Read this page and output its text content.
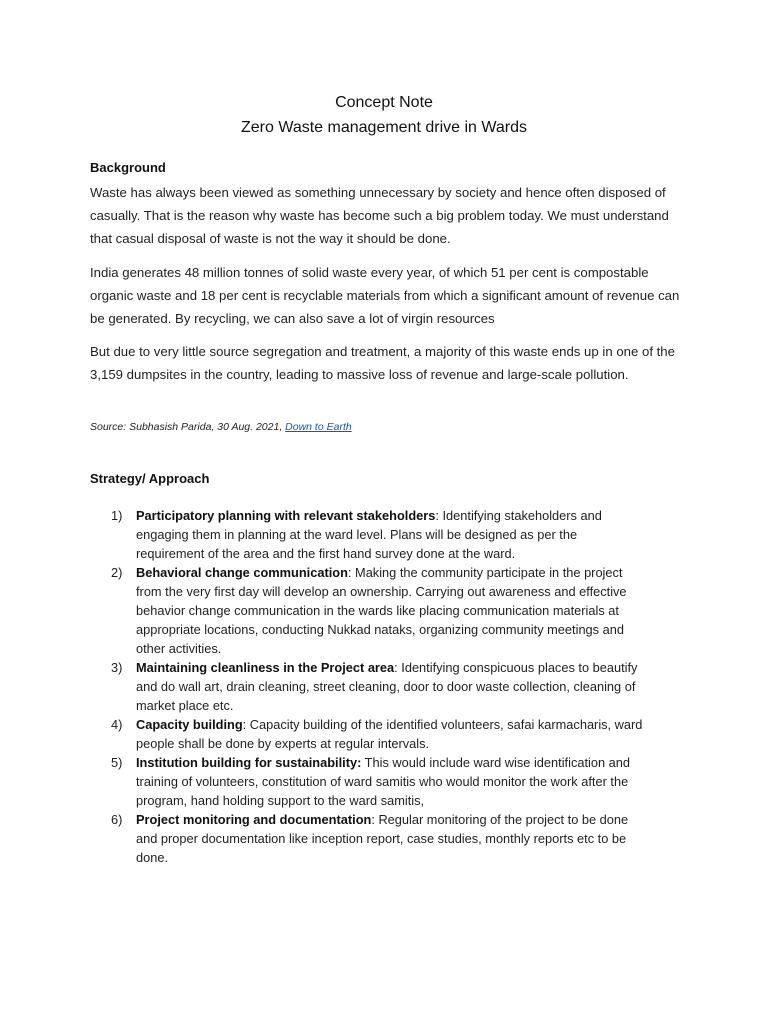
Concept Note
Zero Waste management drive in Wards
Background

Waste has always been viewed as something unnecessary by society and hence often disposed of casually. That is the reason why waste has become such a big problem today. We must understand that casual disposal of waste is not the way it should be done.

India generates 48 million tonnes of solid waste every year, of which 51 per cent is compostable organic waste and 18 per cent is recyclable materials from which a significant amount of revenue can be generated. By recycling, we can also save a lot of virgin resources

But due to very little source segregation and treatment, a majority of this waste ends up in one of the 3,159 dumpsites in the country, leading to massive loss of revenue and large-scale pollution.

Source: Subhasish Parida, 30 Aug. 2021, Down to Earth
Strategy/ Approach
1) Participatory planning with relevant stakeholders: Identifying stakeholders and engaging them in planning at the ward level. Plans will be designed as per the requirement of the area and the first hand survey done at the ward.
2) Behavioral change communication: Making the community participate in the project from the very first day will develop an ownership. Carrying out awareness and effective behavior change communication in the wards like placing communication materials at appropriate locations, conducting Nukkad nataks, organizing community meetings and other activities.
3) Maintaining cleanliness in the Project area: Identifying conspicuous places to beautify and do wall art, drain cleaning, street cleaning, door to door waste collection, cleaning of market place etc.
4) Capacity building: Capacity building of the identified volunteers, safai karmacharis, ward people shall be done by experts at regular intervals.
5) Institution building for sustainability: This would include ward wise identification and training of volunteers, constitution of ward samitis who would monitor the work after the program, hand holding support to the ward samitis,
6) Project monitoring and documentation: Regular monitoring of the project to be done and proper documentation like inception report, case studies, monthly reports etc to be done.
